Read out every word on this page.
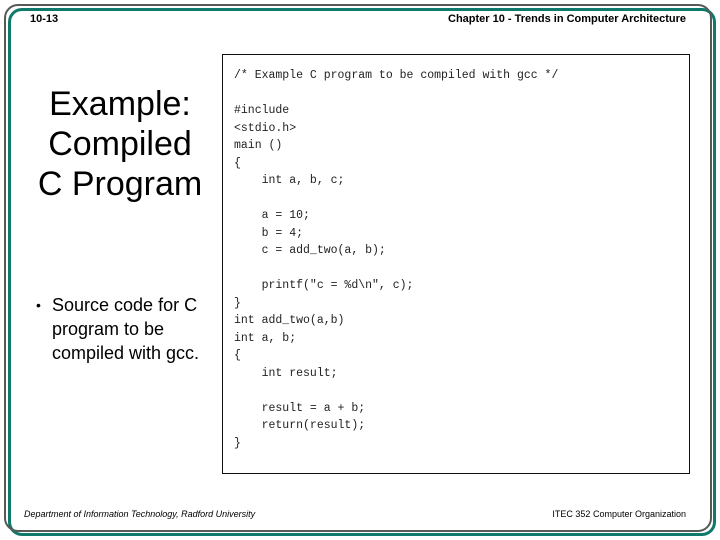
10-13	Chapter 10 - Trends in Computer Architecture
Example:
Compiled
C Program
• Source code for C program to be compiled with gcc.
/* Example C program to be compiled with gcc */

#include
<stdio.h>
main ()
{
int a, b, c;

a = 10;
b = 4;
c = add_two(a, b);

printf("c = %d\n", c);
}
int add_two(a,b)
int a, b;
{
int result;

result = a + b;
return(result);
}
Department of Information Technology, Radford University	ITEC 352 Computer Organization
